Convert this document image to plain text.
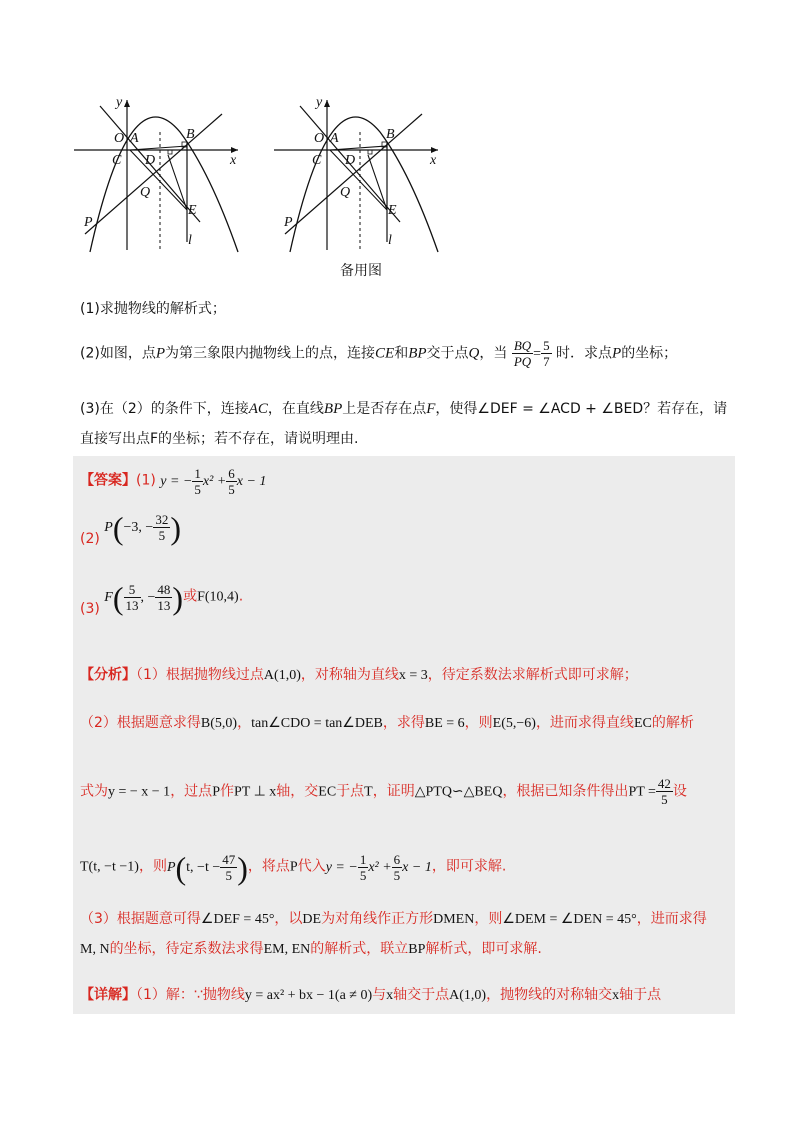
y
x
O A	B
C D
Q
E
P
l
y
x
O A	B
C D
Q
E
P
l
备用图
(1)求抛物线的解析式；
(2)如图，点P为第三象限内抛物线上的点，连接CE和BP交于点Q，当 $\frac{BQ}{PQ} = \frac{5}{7}$ 时．求点P的坐标；
(3)在（2）的条件下，连接AC，在直线BP上是否存在点F，使得∠DEF = ∠ACD + ∠BED？若存在，请
直接写出点F的坐标；若不存在，请说明理由.
【答案】(1) y = − $\frac{1}{5} x^2 + \frac{6}{5}$ x − 1
(2) P(−3, − $\frac{32}{5}$ )
(3) $F( \frac{5}{13}$ , − $\frac{48}{13}$ )或F(10,4).
【分析】（1）根据抛物线过点A(1,0)，对称轴为直线x = 3，待定系数法求解析式即可求解；
（2）根据题意求得B(5,0)，tan∠CDO = tan∠DEB，求得BE = 6，则E(5,−6)，进而求得直线EC的解析
式为y = − x − 1，过点P作PT ⊥ x轴，交EC于点T，证明△PTQ∽△BEQ，根据已知条件得出PT = $\frac{42}{5}$ 设
T(t, −t −1)，则P(t, $-t - \frac{47}{5}$ )，将点P代入y = − $\frac{1}{5} x^2 + \frac{6}{5}$ x − 1，即可求解.
（3）根据题意可得∠DEF = 45°，以DE为对角线作正方形DMEN，则∠DEM = ∠DEN = 45°，进而求得
M, N的坐标，待定系数法求得EM, EN的解析式，联立BP解析式，即可求解.
【详解】（1）解：∵抛物线y = ax² + bx − 1(a ≠ 0)与x轴交于点A(1,0)，抛物线的对称轴交x轴于点
